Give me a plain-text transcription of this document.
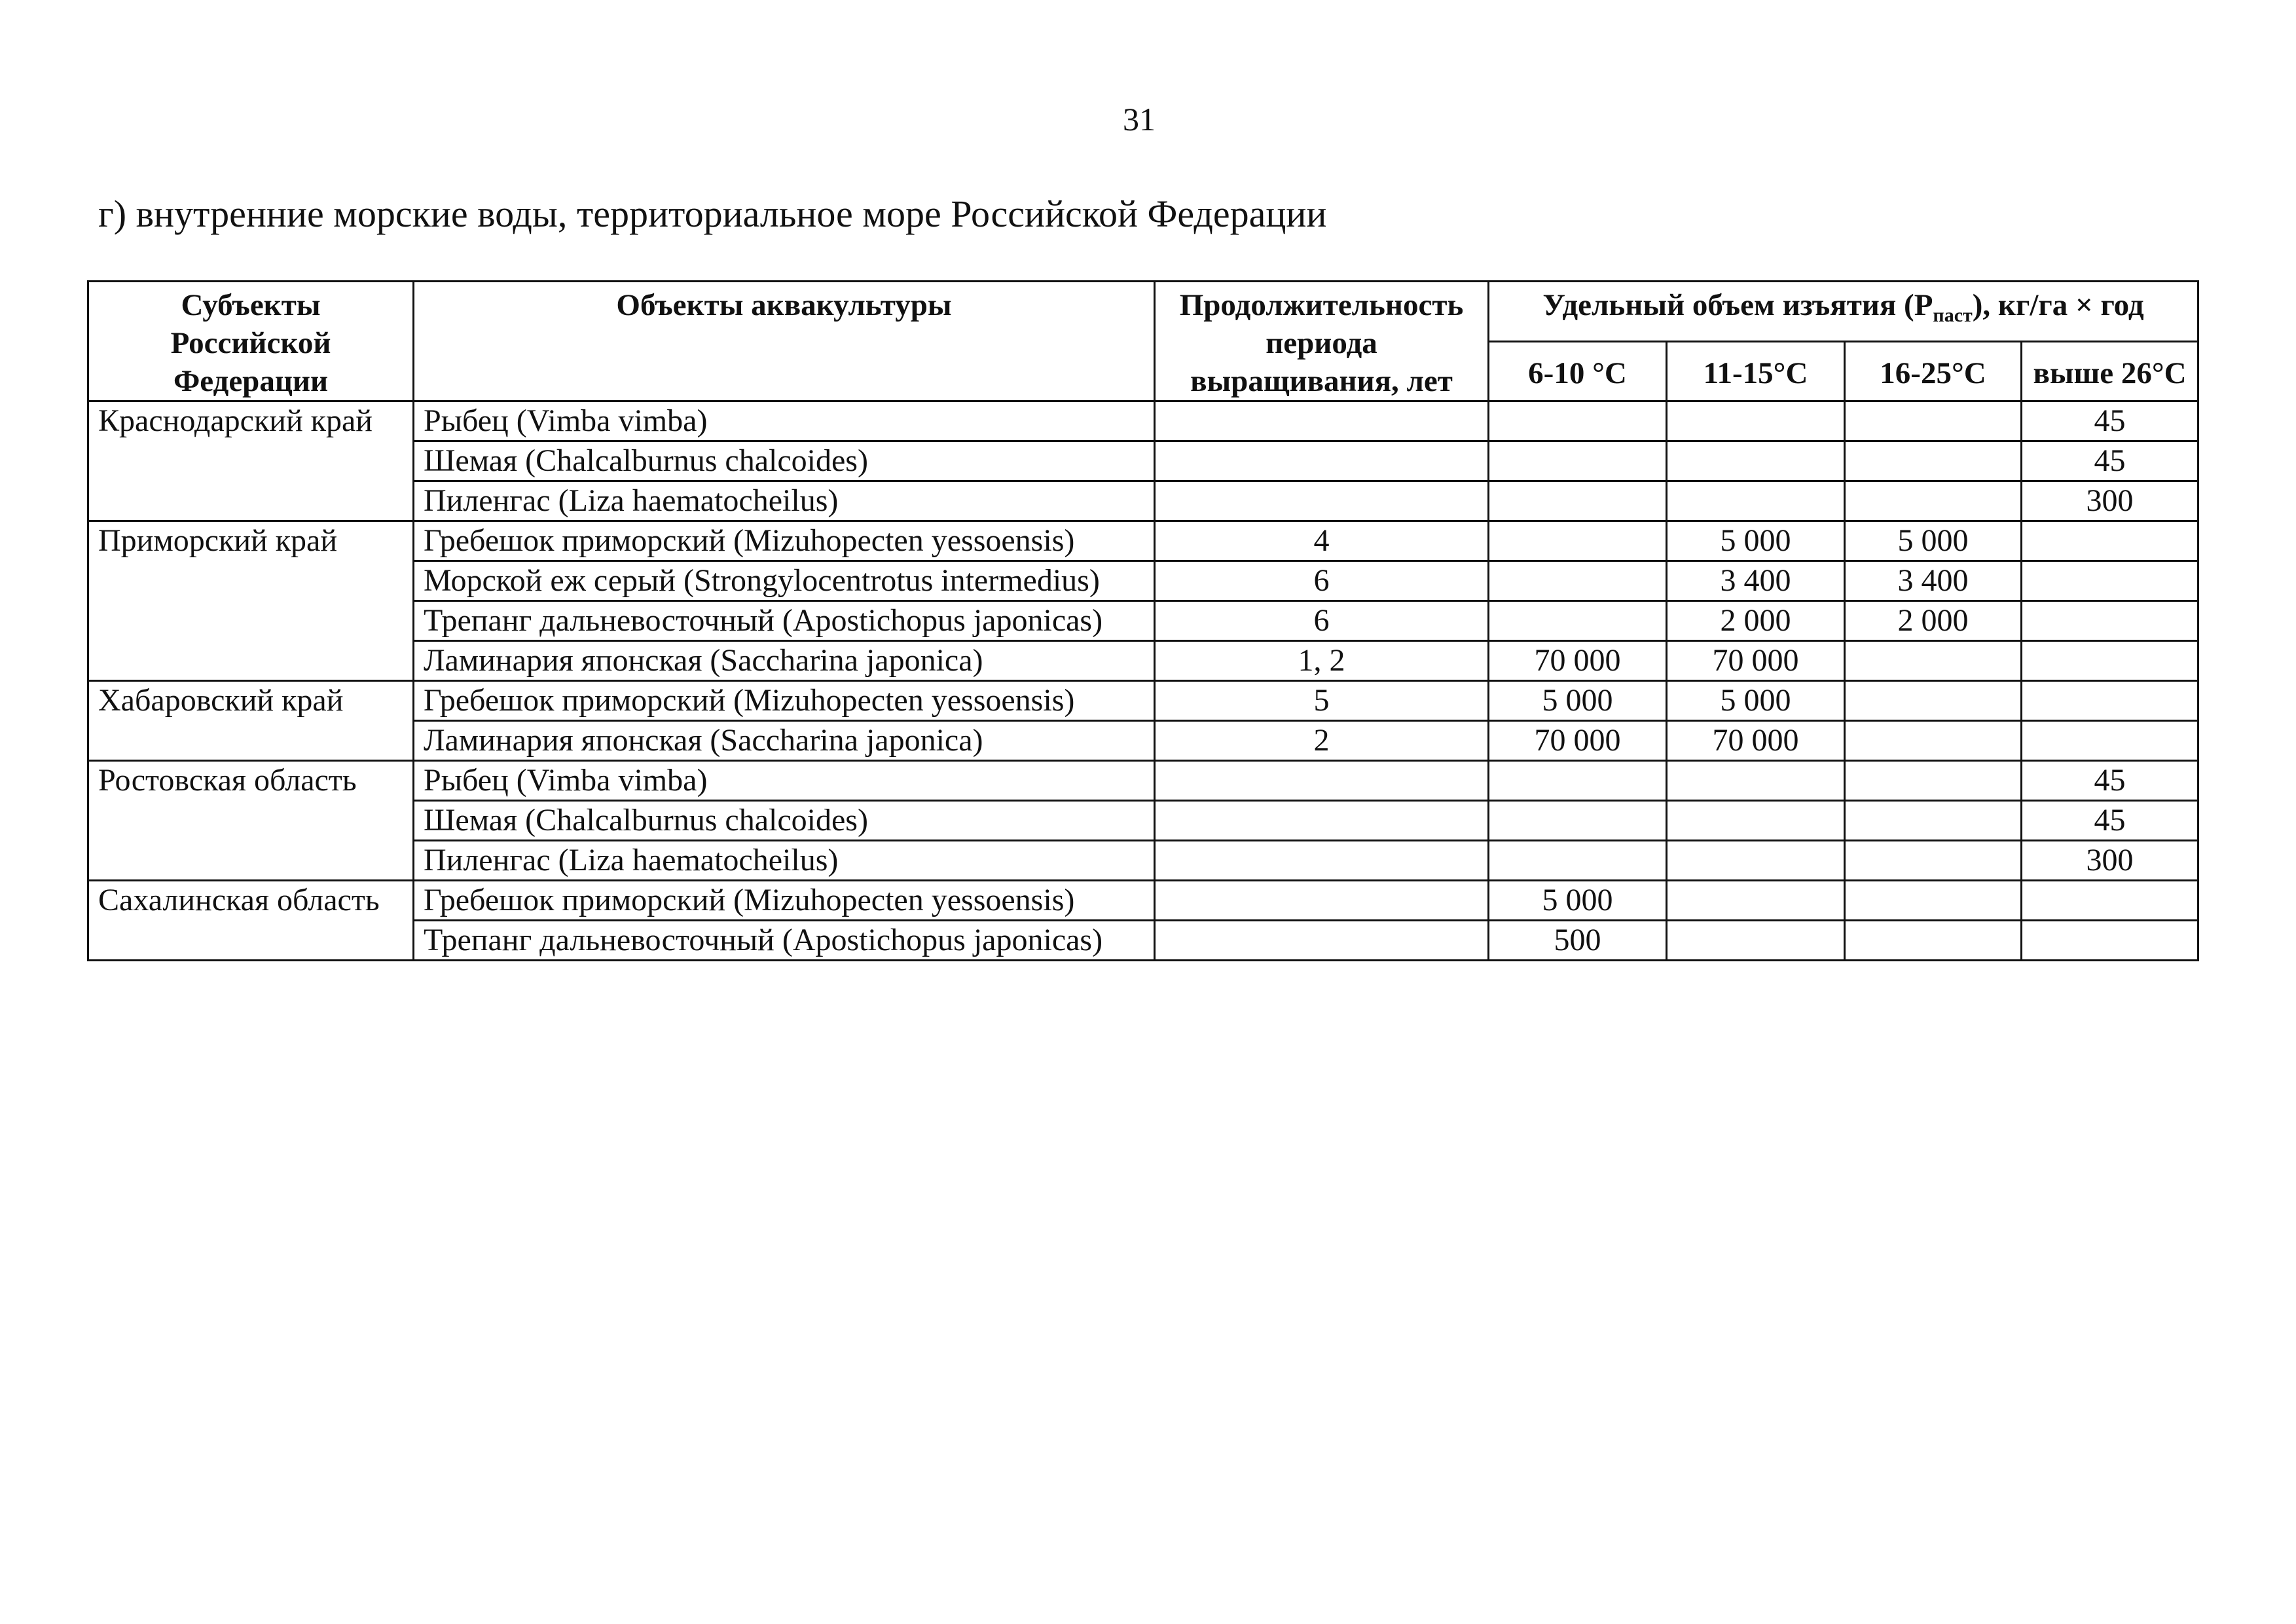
31
г) внутренние морские воды, территориальное море Российской Федерации
Субъекты Российской Федерации	Объекты аквакультуры	Продолжительность периода выращивания, лет	Удельный объем изъятия $(P_{паст})$, кг/га × год			
			6-10 °С	11-15°С	16-25°С	выше 26°С
Краснодарский край	Рыбец (Vimba vimba)					45
	Шемая (Chalcalburnus chalcoides)					45
	Пиленгас (Liza haematocheilus)					300
Приморский край	Гребешок приморский (Mizuhopecten yessoensis)	4		5 000	5 000	
	Морской еж серый (Strongylocentrotus intermedius)	6		3 400	3 400	
	Трепанг дальневосточный (Apostichopus japonicas)	6		2 000	2 000	
	Ламинария японская (Saccharina japonica)	1, 2	70 000	70 000		
Хабаровский край	Гребешок приморский (Mizuhopecten yessoensis)	5	5 000	5 000		
	Ламинария японская (Saccharina japonica)	2	70 000	70 000		
Ростовская область	Рыбец (Vimba vimba)					45
	Шемая (Chalcalburnus chalcoides)					45
	Пиленгас (Liza haematocheilus)					300
Сахалинская область	Гребешок приморский (Mizuhopecten yessoensis)		5 000			
	Трепанг дальневосточный (Apostichopus japonicas)		500			
